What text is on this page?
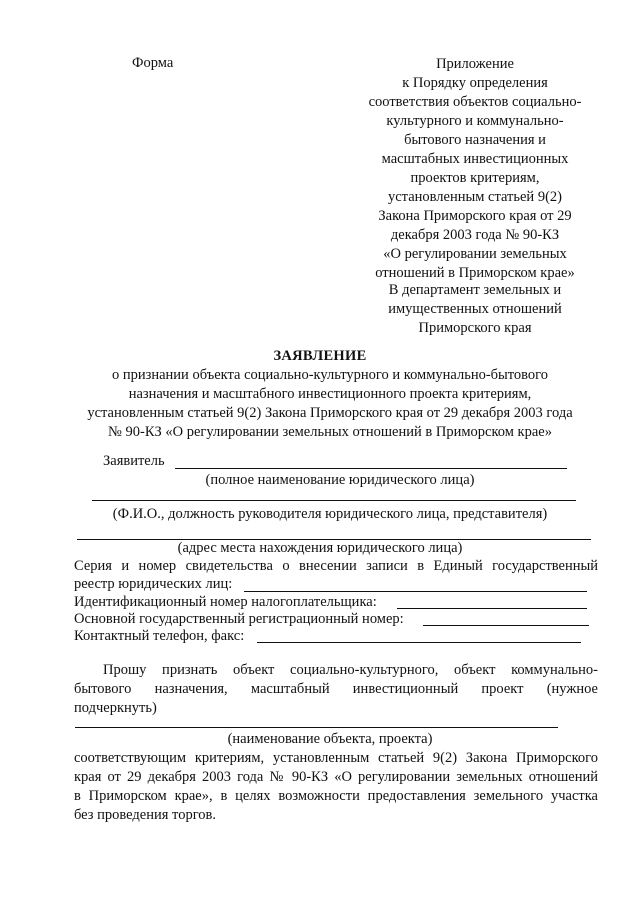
Форма	Приложение
к Порядку определения
соответствия объектов социально-
культурного и коммунально-
бытового назначения и
масштабных инвестиционных
проектов критериям,
установленным статьей 9(2)
Закона Приморского края от 29
декабря 2003 года № 90-КЗ
«О регулировании земельных
отношений в Приморском крае»
В департамент земельных и
имущественных отношений
Приморского края
ЗАЯВЛЕНИЕ
о признании объекта социально-культурного и коммунально-бытового
назначения и масштабного инвестиционного проекта критериям,
установленным статьей 9(2) Закона Приморского края от 29 декабря 2003 года
№ 90-КЗ «О регулировании земельных отношений в Приморском крае»
Заявитель
(полное наименование юридического лица)
(Ф.И.О., должность руководителя юридического лица, представителя)
(адрес места нахождения юридического лица)
Серия и номер свидетельства о внесении записи в Единый государственный
реестр юридических лиц:
Идентификационный номер налогоплательщика:
Основной государственный регистрационный номер:
Контактный телефон, факс:
Прошу признать объект социально-культурного, объект коммунально-
бытового назначения, масштабный инвестиционный проект (нужное
подчеркнуть)
(наименование объекта, проекта)
соответствующим критериям, установленным статьей 9(2) Закона Приморского
края от 29 декабря 2003 года № 90-КЗ «О регулировании земельных отношений
в Приморском крае», в целях возможности предоставления земельного участка
без проведения торгов.
